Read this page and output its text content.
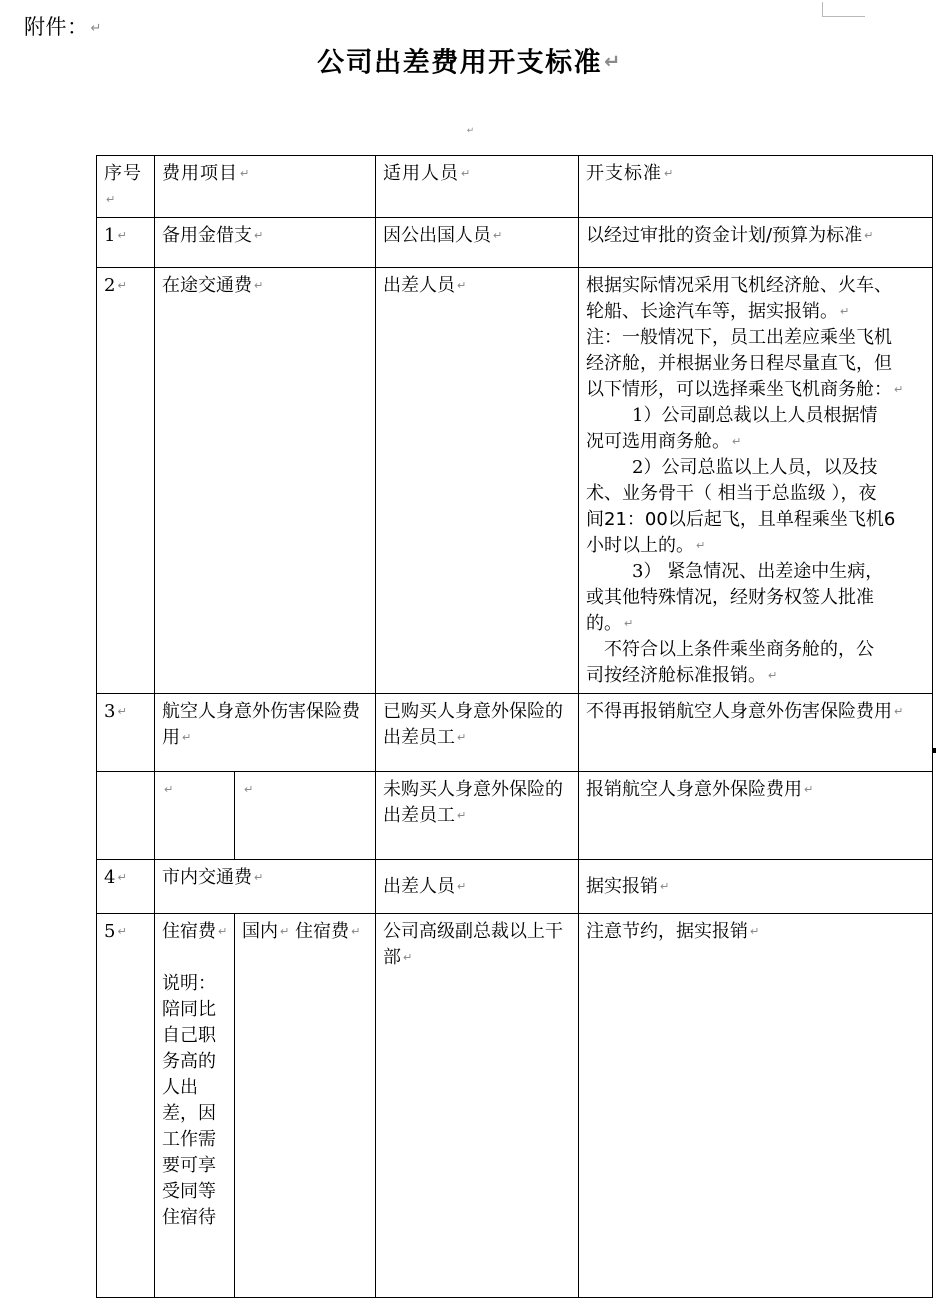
附件： ↵
公司出差费用开支标准 ↵
↵
序号↵	费用项目 ↵		适用人员 ↵	开支标准 ↵
1 ↵	备用金借支 ↵		因公出国人员 ↵	以经过审批的资金计划/预算为标准 ↵
2 ↵	在途交通费 ↵	出差人员 ↵	根据实际情况采用飞机经济舱、火车、
轮船、长途汽车等，据实报销。 ↵
注：一般情况下，员工出差应乘坐飞机
经济舱，并根据业务日程尽量直飞，但
以下情形，可以选择乘坐飞机商务舱： ↵
1）公司副总裁以上人员根据情
况可选用商务舱。 ↵
2）公司总监以上人员，以及技
术、业务骨干（ 相当于总监级 ），夜
间21：00以后起飞，且单程乘坐飞机6
小时以上的。 ↵
3） 紧急情况、出差途中生病，
或其他特殊情况，经财务权签人批准
的。 ↵
不符合以上条件乘坐商务舱的，公
司按经济舱标准报销。 ↵

3 ↵	航空人身意外伤害保险费用 ↵		已购买人身意外保险的出差员工 ↵	不得再报销航空人身意外伤害保险费用 ↵
	↵	↵	未购买人身意外保险的出差员工 ↵	报销航空人身意外保险费用 ↵
4 ↵	市内交通费 ↵		出差人员 ↵	据实报销 ↵
5 ↵	住宿费 ↵
说明：
陪同比
自己职
务高的
人出
差，因
工作需
要可享
受同等
住宿待
	国内 ↵ 住宿费 ↵	公司高级副总裁以上干部 ↵	注意节约，据实报销 ↵
